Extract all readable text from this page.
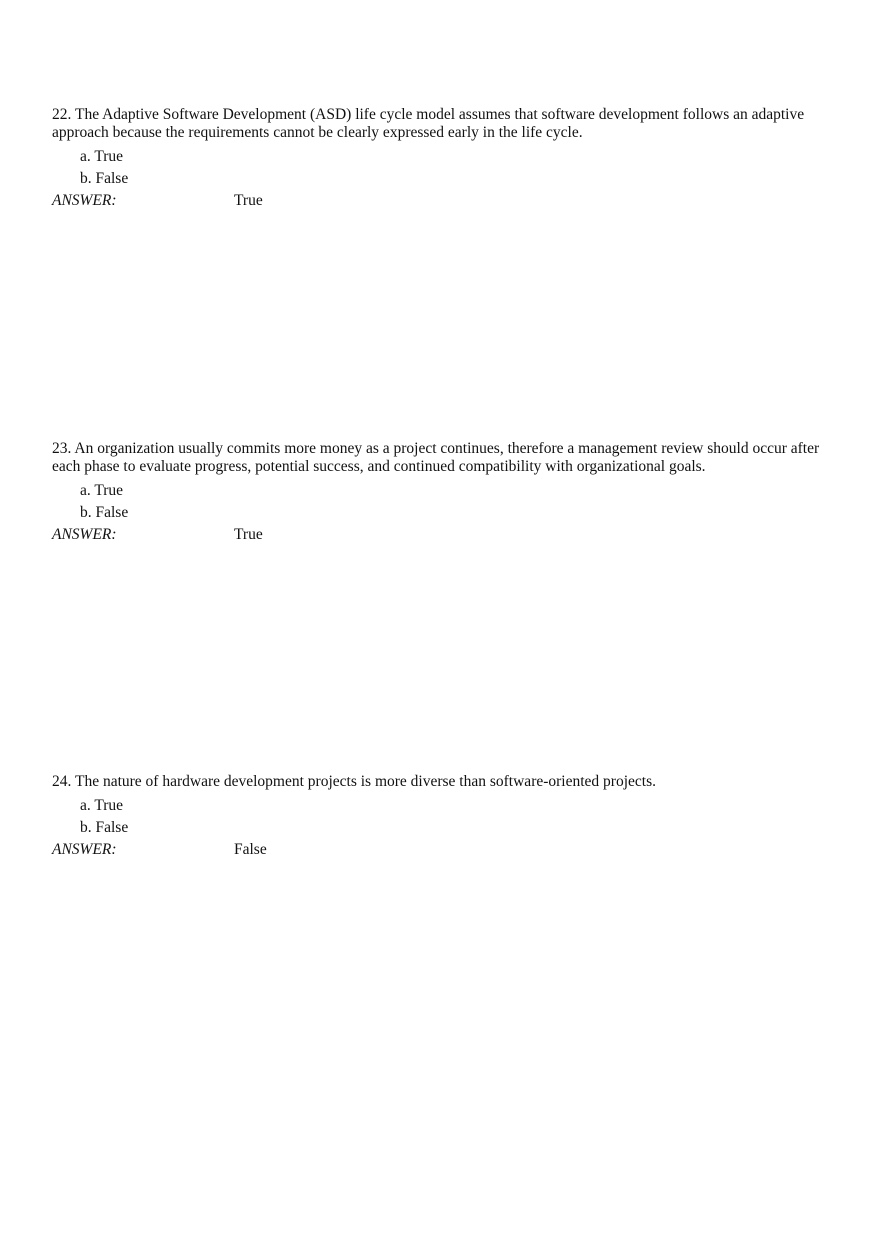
22. The Adaptive Software Development (ASD) life cycle model assumes that software development follows an adaptive approach because the requirements cannot be clearly expressed early in the life cycle.

a. True
b. False
ANSWER:	True

23. An organization usually commits more money as a project continues, therefore a management review should occur after each phase to evaluate progress, potential success, and continued compatibility with organizational goals.

a. True
b. False
ANSWER:	True

24. The nature of hardware development projects is more diverse than software-oriented projects.

a. True
b. False
ANSWER:	False
